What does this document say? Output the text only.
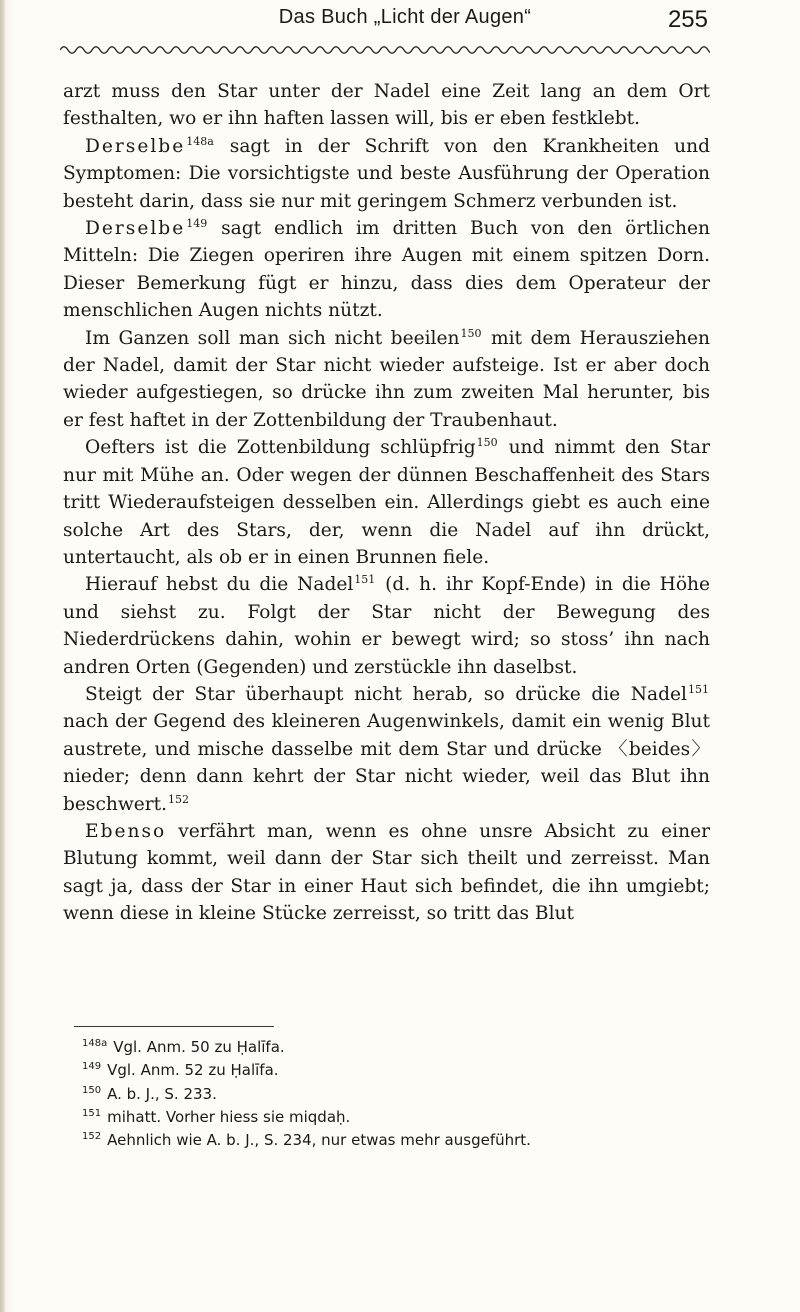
Das Buch „Licht der Augen“	255

arzt muss den Star unter der Nadel eine Zeit lang an dem Ort festhalten, wo er ihn haften lassen will, bis er eben festklebt.

Derselbe$^{148a}$ sagt in der Schrift von den Krankheiten und Symptomen: Die vorsichtigste und beste Ausführung der Operation besteht darin, dass sie nur mit geringem Schmerz verbunden ist.

Derselbe$^{149}$ sagt endlich im dritten Buch von den örtlichen Mitteln: Die Ziegen operiren ihre Augen mit einem spitzen Dorn. Dieser Bemerkung fügt er hinzu, dass dies dem Operateur der menschlichen Augen nichts nützt.

Im Ganzen soll man sich nicht beeilen$^{150}$ mit dem Herausziehen der Nadel, damit der Star nicht wieder aufsteige. Ist er aber doch wieder aufgestiegen, so drücke ihn zum zweiten Mal herunter, bis er fest haftet in der Zottenbildung der Traubenhaut.

Oefters ist die Zottenbildung schlüpfrig$^{150}$ und nimmt den Star nur mit Mühe an. Oder wegen der dünnen Beschaffenheit des Stars tritt Wiederaufsteigen desselben ein. Allerdings giebt es auch eine solche Art des Stars, der, wenn die Nadel auf ihn drückt, untertaucht, als ob er in einen Brunnen fiele.

Hierauf hebst du die Nadel$^{151}$ (d. h. ihr Kopf-Ende) in die Höhe und siehst zu. Folgt der Star nicht der Bewegung des Niederdrückens dahin, wohin er bewegt wird; so stoss’ ihn nach andren Orten (Gegenden) und zerstückle ihn daselbst.

Steigt der Star überhaupt nicht herab, so drücke die Nadel$^{151}$ nach der Gegend des kleineren Augenwinkels, damit ein wenig Blut austrete, und mische dasselbe mit dem Star und drücke 〈beides〉 nieder; denn dann kehrt der Star nicht wieder, weil das Blut ihn beschwert.$^{152}$

Ebenso verfährt man, wenn es ohne unsre Absicht zu einer Blutung kommt, weil dann der Star sich theilt und zerreisst. Man sagt ja, dass der Star in einer Haut sich befindet, die ihn umgiebt; wenn diese in kleine Stücke zerreisst, so tritt das Blut

$^{148a}$ Vgl. Anm. 50 zu Ḥalīfa.
$^{149}$ Vgl. Anm. 52 zu Ḥalīfa.
$^{150}$ A. b. J., S. 233.
$^{151}$ mihatt. Vorher hiess sie miqdaḥ.
$^{152}$ Aehnlich wie A. b. J., S. 234, nur etwas mehr ausgeführt.
